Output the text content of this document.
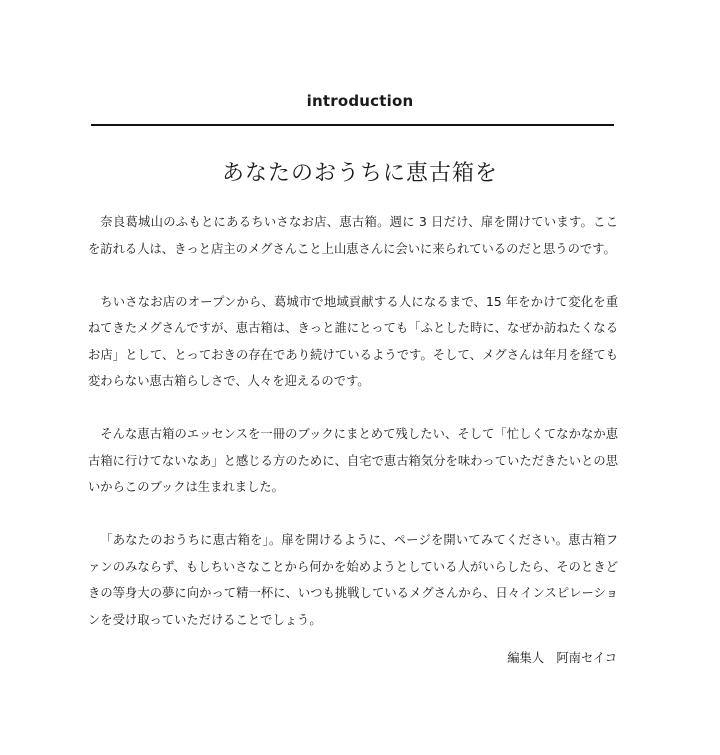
introduction
あなたのおうちに恵古箱を

奈良葛城山のふもとにあるちいさなお店、恵古箱。週に 3 日だけ、扉を開けています。ここを訪れる人は、きっと店主のメグさんこと上山恵さんに会いに来られているのだと思うのです。

ちいさなお店のオープンから、葛城市で地域貢献する人になるまで、15 年をかけて変化を重ねてきたメグさんですが、恵古箱は、きっと誰にとっても「ふとした時に、なぜか訪ねたくなるお店」として、とっておきの存在であり続けているようです。そして、メグさんは年月を経ても変わらない恵古箱らしさで、人々を迎えるのです。

そんな恵古箱のエッセンスを一冊のブックにまとめて残したい、そして「忙しくてなかなか恵古箱に行けてないなあ」と感じる方のために、自宅で恵古箱気分を味わっていただきたいとの思いからこのブックは生まれました。

「あなたのおうちに恵古箱を」。扉を開けるように、ページを開いてみてください。恵古箱ファンのみならず、もしちいさなことから何かを始めようとしている人がいらしたら、そのときどきの等身大の夢に向かって精一杯に、いつも挑戦しているメグさんから、日々インスピレーションを受け取っていただけることでしょう。

編集人　阿南セイコ
